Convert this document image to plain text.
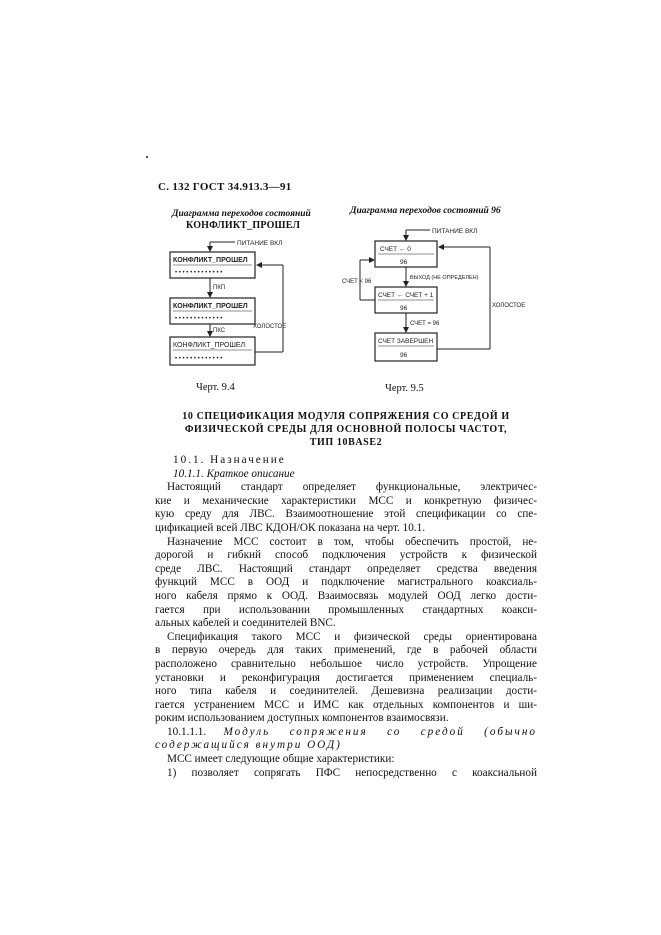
С. 132 ГОСТ 34.913.3—91
Диаграмма переходов состояний
КОНФЛИКТ_ПРОШЕЛ
ПИТАНИЕ ВКЛ
КОНФЛИКТ_ПРОШЕЛ
• • • • • • • • • • • • •
ПКП
КОНФЛИКТ_ПРОШЕЛ
• • • • • • • • • • • • •
ПКС
КОНФЛИКТ_ПРОШЕЛ
• • • • • • • • • • • • •
ХОЛОСТОЕ
Черт. 9.4
Диаграмма переходов состояний 96
ПИТАНИЕ ВКЛ
СЧЕТ ← 0
96
ВЫХОД (НЕ ОПРЕДЕЛЕН)
СЧЕТ ← СЧЕТ + 1
96
СЧЕТ < 96
СЧЕТ = 96
СЧЕТ ЗАВЕРШЕН
96
ХОЛОСТОЕ
Черт. 9.5
10 СПЕЦИФИКАЦИЯ МОДУЛЯ СОПРЯЖЕНИЯ СО СРЕДОЙ И
ФИЗИЧЕСКОЙ СРЕДЫ ДЛЯ ОСНОВНОЙ ПОЛОСЫ ЧАСТОТ,
ТИП 10BASE2

10.1. Назначение

10.1.1. Краткое описание

Настоящий стандарт определяет функциональные, электричес-
кие и механические характеристики МСС и конкретную физичес-
кую среду для ЛВС. Взаимоотношение этой спецификации со спе-
цификацией всей ЛВС КДОН/ОК показана на черт. 10.1.
Назначение МСС состоит в том, чтобы обеспечить простой, не-
дорогой и гибкий способ подключения устройств к физической
среде ЛВС. Настоящий стандарт определяет средства введения
функций МСС в ООД и подключение магистрального коаксиаль-
ного кабеля прямо к ООД. Взаимосвязь модулей ООД легко дости-
гается при использовании промышленных стандартных коакси-
альных кабелей и соединителей BNC.
Спецификация такого МСС и физической среды ориентирована
в первую очередь для таких применений, где в рабочей области
расположено сравнительно небольшое число устройств. Упрощение
установки и реконфигурация достигается применением специаль-
ного типа кабеля и соединителей. Дешевизна реализации дости-
гается устранением МСС и ИМС как отдельных компонентов и ши-
роким использованием доступных компонентов взаимосвязи.
10.1.1.1. Модуль сопряжения со средой (обычно
содержащийся внутри ООД)
МСС имеет следующие общие характеристики:
1) позволяет сопрягать ПФС непосредственно с коаксиальной
